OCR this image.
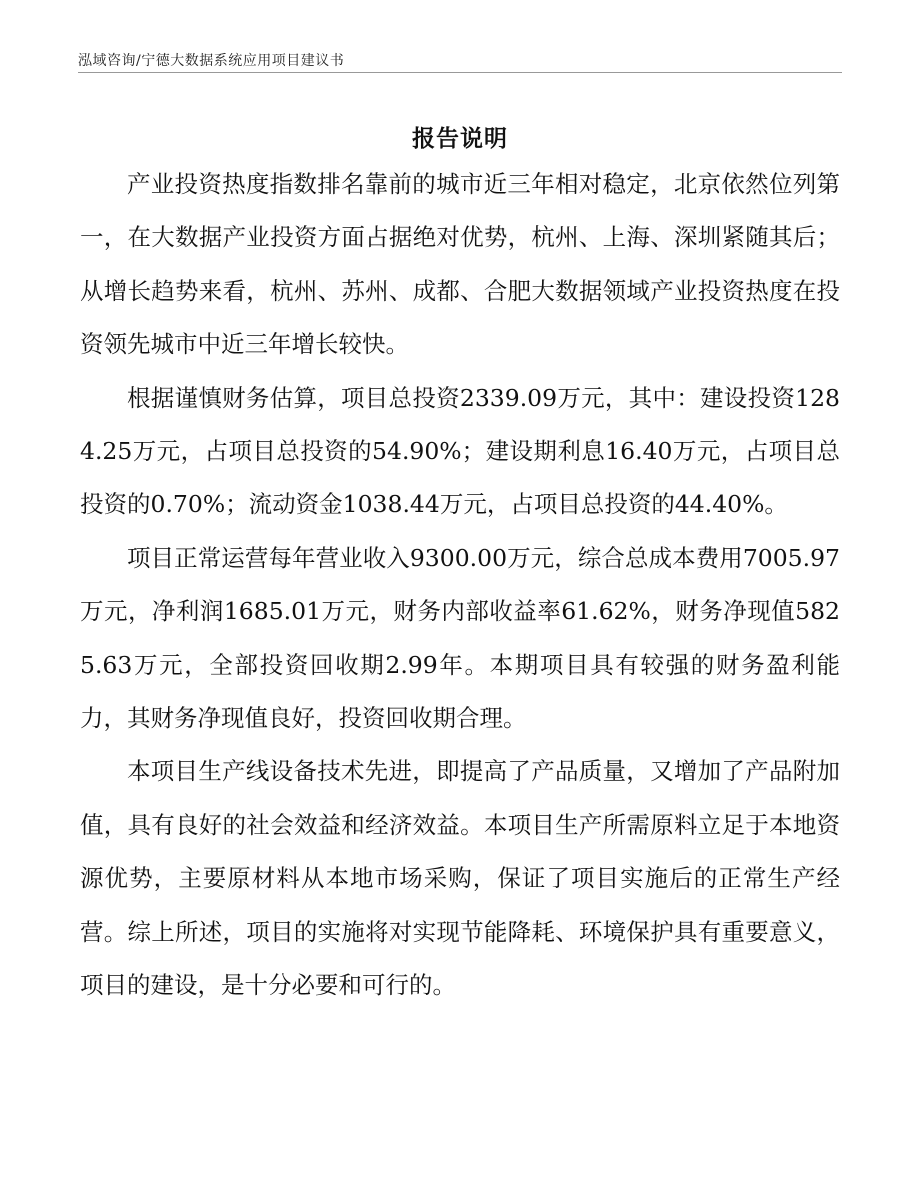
泓域咨询/宁德大数据系统应用项目建议书
报告说明

产业投资热度指数排名靠前的城市近三年相对稳定，北京依然位列第一，在大数据产业投资方面占据绝对优势，杭州、上海、深圳紧随其后；从增长趋势来看，杭州、苏州、成都、合肥大数据领域产业投资热度在投资领先城市中近三年增长较快。

根据谨慎财务估算，项目总投资2339.09万元，其中：建设投资1284.25万元，占项目总投资的54.90%；建设期利息16.40万元，占项目总投资的0.70%；流动资金1038.44万元，占项目总投资的44.40%。

项目正常运营每年营业收入9300.00万元，综合总成本费用7005.97万元，净利润1685.01万元，财务内部收益率61.62%，财务净现值5825.63万元，全部投资回收期2.99年。本期项目具有较强的财务盈利能力，其财务净现值良好，投资回收期合理。

本项目生产线设备技术先进，即提高了产品质量，又增加了产品附加值，具有良好的社会效益和经济效益。本项目生产所需原料立足于本地资源优势，主要原材料从本地市场采购，保证了项目实施后的正常生产经营。综上所述，项目的实施将对实现节能降耗、环境保护具有重要意义，项目的建设，是十分必要和可行的。
